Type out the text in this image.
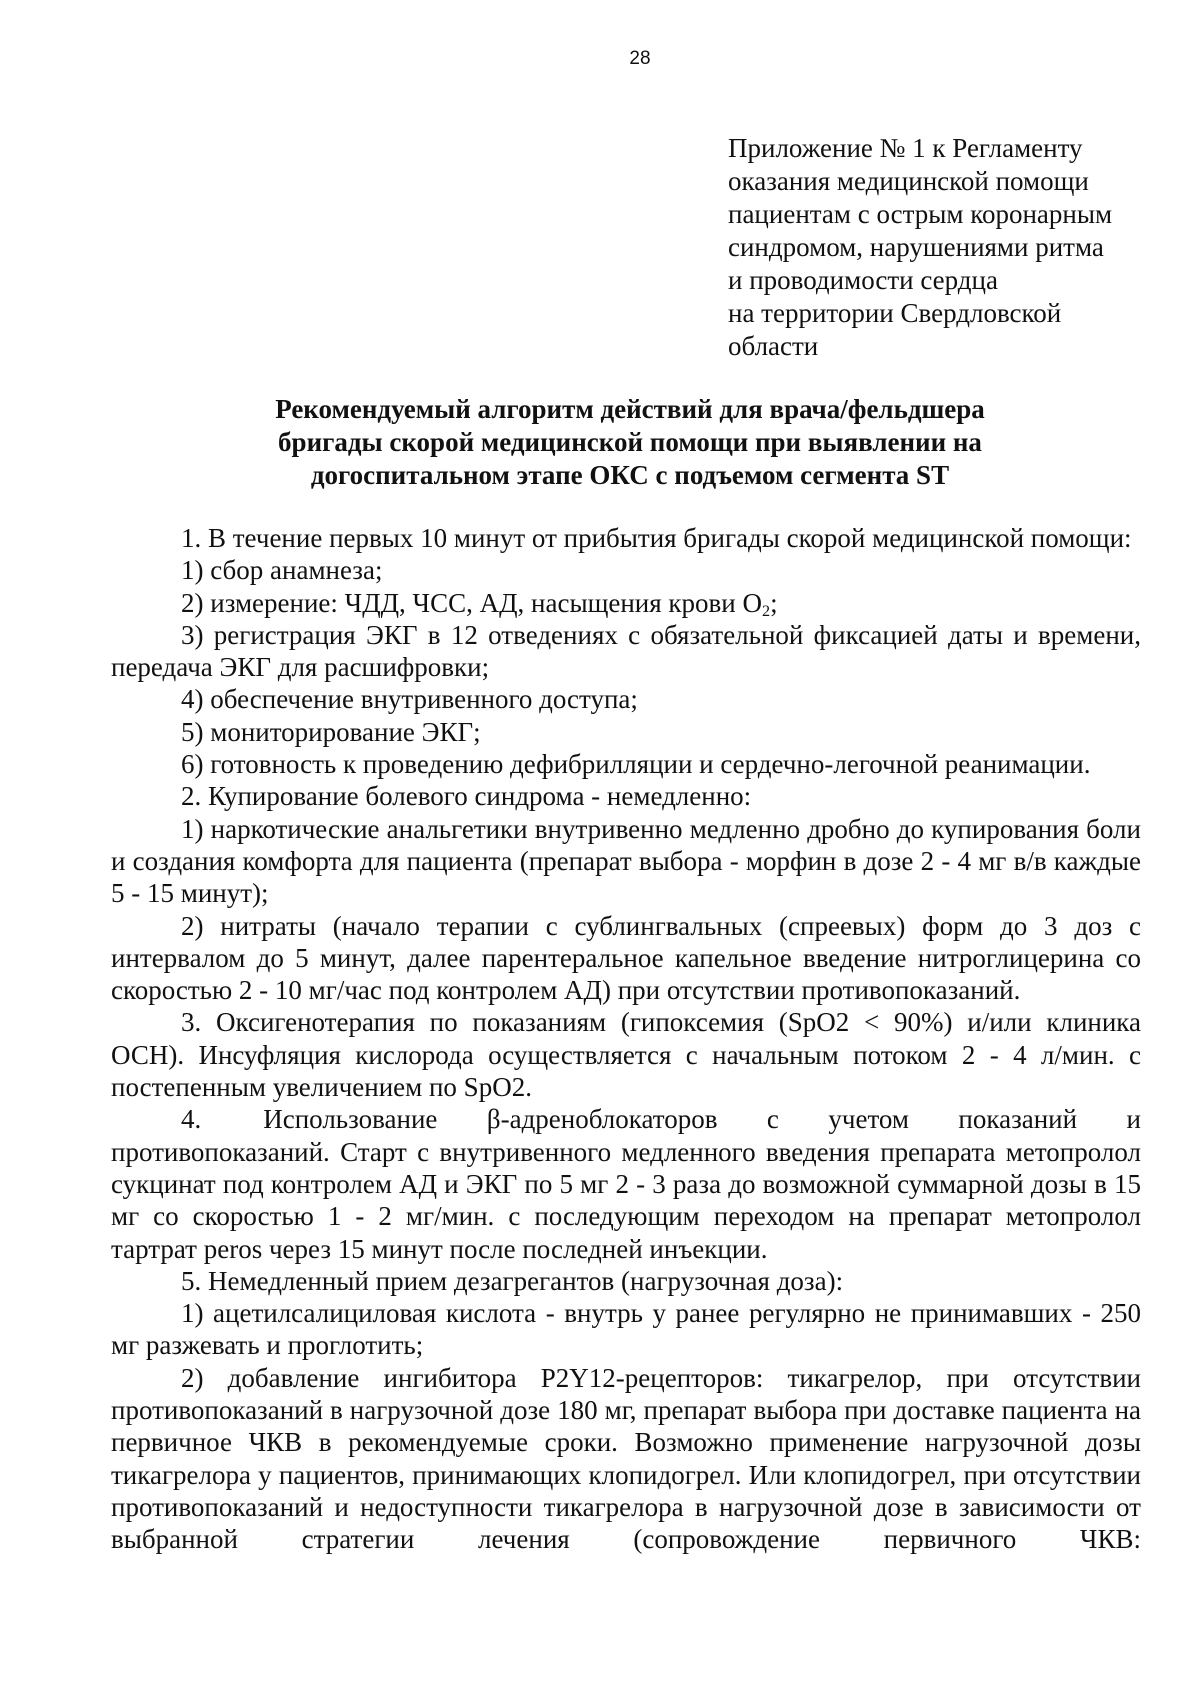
28
Приложение № 1 к Регламенту
оказания медицинской помощи
пациентам с острым коронарным
синдромом, нарушениями ритма
и проводимости сердца
на территории Свердловской
области
Рекомендуемый алгоритм действий для врача/фельдшера
бригады скорой медицинской помощи при выявлении на
догоспитальном этапе ОКС с подъемом сегмента ST

1. В течение первых 10 минут от прибытия бригады скорой медицинской помощи:

1) сбор анамнеза;

2) измерение: ЧДД, ЧСС, АД, насыщения крови О2;

3) регистрация ЭКГ в 12 отведениях с обязательной фиксацией даты и времени, передача ЭКГ для расшифровки;

4) обеспечение внутривенного доступа;

5) мониторирование ЭКГ;

6) готовность к проведению дефибрилляции и сердечно-легочной реанимации.

2. Купирование болевого синдрома - немедленно:

1) наркотические анальгетики внутривенно медленно дробно до купирования боли и создания комфорта для пациента (препарат выбора - морфин в дозе 2 - 4 мг в/в каждые 5 - 15 минут);

2) нитраты (начало терапии с сублингвальных (спреевых) форм до 3 доз с интервалом до 5 минут, далее парентеральное капельное введение нитроглицерина со скоростью 2 - 10 мг/час под контролем АД) при отсутствии противопоказаний.

3. Оксигенотерапия по показаниям (гипоксемия (SpO2 < 90%) и/или клиника ОСН). Инсуфляция кислорода осуществляется с начальным потоком 2 - 4 л/мин. с постепенным увеличением по SpO2.

4. Использование β-адреноблокаторов с учетом показаний и противопоказаний. Старт с внутривенного медленного введения препарата метопролол сукцинат под контролем АД и ЭКГ по 5 мг 2 - 3 раза до возможной суммарной дозы в 15 мг со скоростью 1 - 2 мг/мин. с последующим переходом на препарат метопролол тартрат peros через 15 минут после последней инъекции.

5. Немедленный прием дезагрегантов (нагрузочная доза):

1) ацетилсалициловая кислота - внутрь у ранее регулярно не принимавших - 250 мг разжевать и проглотить;

2) добавление ингибитора P2Y12-рецепторов: тикагрелор, при отсутствии противопоказаний в нагрузочной дозе 180 мг, препарат выбора при доставке пациента на первичное ЧКВ в рекомендуемые сроки. Возможно применение нагрузочной дозы тикагрелора у пациентов, принимающих клопидогрел. Или клопидогрел, при отсутствии противопоказаний и недоступности тикагрелора в нагрузочной дозе в зависимости от выбранной стратегии лечения (сопровождение первичного ЧКВ:
